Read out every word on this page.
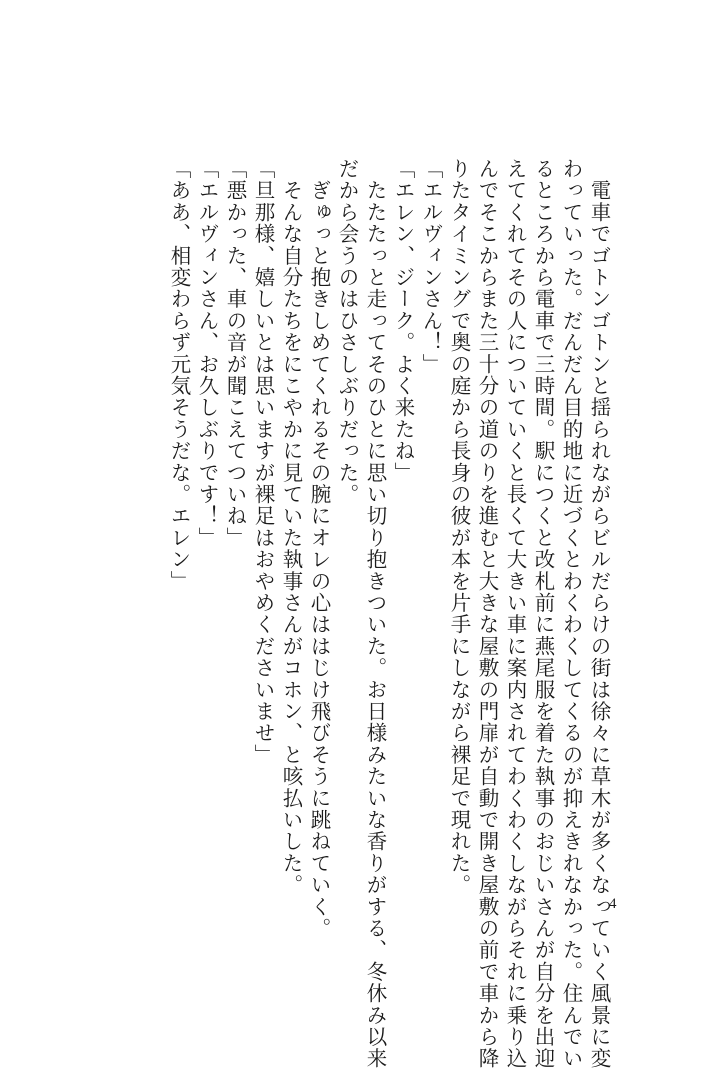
　電車でゴトンゴトンと揺られながらビルだらけの街は徐々に草木が多くなっていく風景に変

わっていった。だんだん目的地に近づくとわくわくしてくるのが抑えきれなかった。住んでい

るところから電車で三時間。駅につくと改札前に燕尾服を着た執事のおじいさんが自分を出迎

えてくれてその人についていくと長くて大きい車に案内されてわくわくしながらそれに乗り込

んでそこからまた三十分の道のりを進むと大きな屋敷の門扉が自動で開き屋敷の前で車から降

りたタイミングで奥の庭から長身の彼が本を片手にしながら裸足で現れた。

「エルヴィンさん！」

「エレン、ジーク。よく来たね」

　たたたっと走ってそのひとに思い切り抱きついた。お日様みたいな香りがする、冬休み以来

だから会うのはひさしぶりだった。

　ぎゅっと抱きしめてくれるその腕にオレの心ははじけ飛びそうに跳ねていく。

　そんな自分たちをにこやかに見ていた執事さんがコホン、と咳払いした。

「旦那様、嬉しいとは思いますが裸足はおやめくださいませ」

「悪かった、車の音が聞こえてついね」

「エルヴィンさん、お久しぶりです！」

「ああ、相変わらず元気そうだな。エレン」

4
